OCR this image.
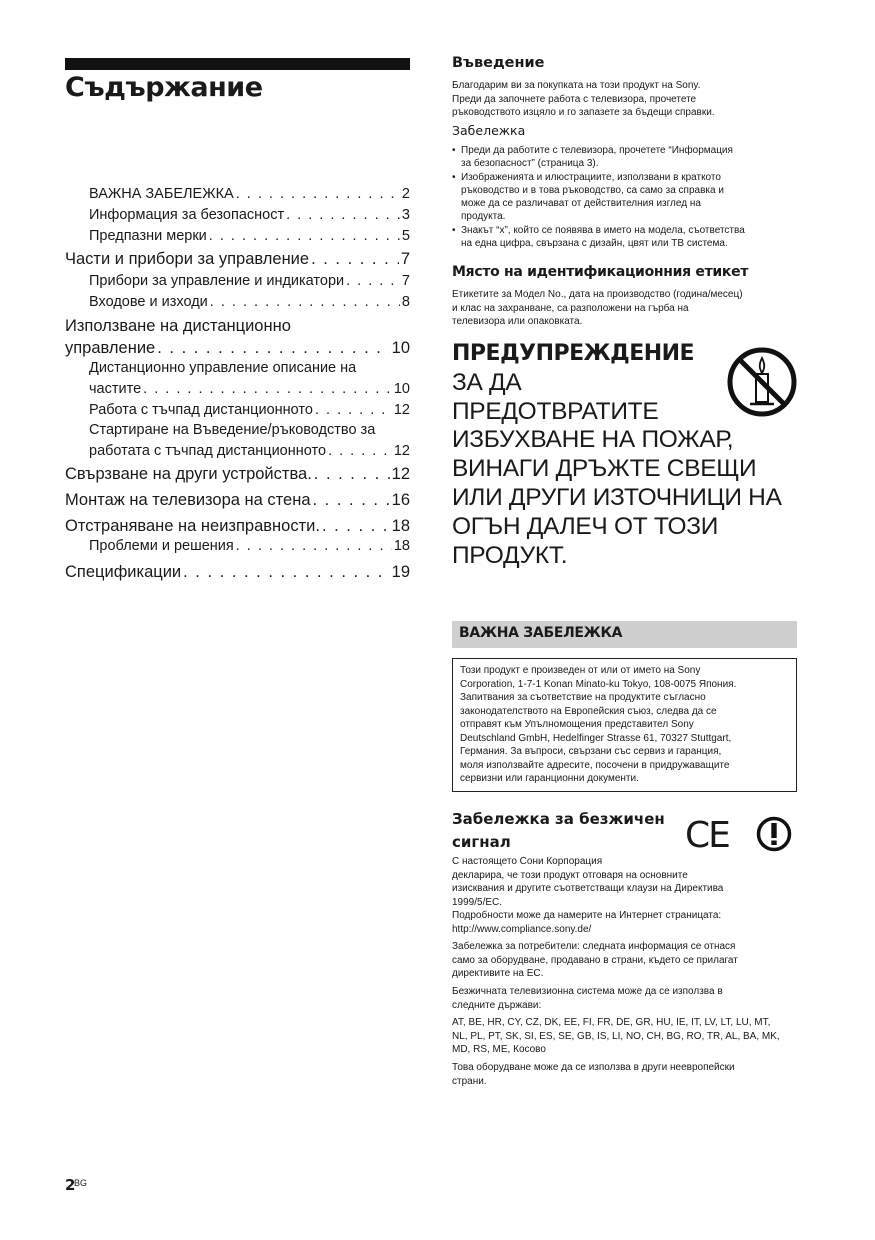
Съдържание
ВАЖНА ЗАБЕЛЕЖКА . . .	2
Информация за безопасност . . .	3
Предпазни мерки . . .	5
Части и прибори за управление . . .	7
Прибори за управление и индикатори . . .	7
Входове и изходи . . .	8
Използване на дистанционно
управление . . .	10
Дистанционно управление описание на
частите . . .	10
Работа с тъчпад дистанционното . . .	12
Стартиране на Въведение/ръководство за
работата с тъчпад дистанционното . . .	12
Свързване на други устройства. . . .	12
Монтаж на телевизора на стена . . .	16
Отстраняване на неизправности. . . .	18
Проблеми и решения . . .	18
Спецификации . . .	19
Въведение

Благодарим ви за покупката на този продукт на Sony.

Преди да започнете работа с телевизора, прочетете

ръководството изцяло и го запазете за бъдещи справки.

Забележка
• Преди да работите с телевизора, прочетете “Информация
за безопасност” (страница 3).
• Изображенията и илюстрациите, използвани в краткото
ръководство и в това ръководство, са само за справка и
може да се различават от действителния изглед на
продукта.
• Знакът “x”, който се появява в името на модела, съответства
на една цифра, свързана с дизайн, цвят или ТВ система.
Място на идентификационния етикет

Етикетите за Модел No., дата на производство (година/месец)

и клас на захранване, са разположени на гърба на

телевизора или опаковката.

ПРЕДУПРЕЖДЕНИЕ
ЗА ДА
ПРЕДОТВРАТИТЕ
ИЗБУХВАНЕ НА ПОЖАР,
ВИНАГИ ДРЪЖТЕ СВЕЩИ
ИЛИ ДРУГИ ИЗТОЧНИЦИ НА
ОГЪН ДАЛЕЧ ОТ ТОЗИ
ПРОДУКТ.
ВАЖНА ЗАБЕЛЕЖКА

Този продукт е произведен от или от името на Sony

Corporation, 1-7-1 Konan Minato-ku Tokyo, 108-0075 Япония.

Запитвания за съответствие на продуктите съгласно

законодателството на Европейския съюз, следва да се

отправят към Упълномощения представител Sony

Deutschland GmbH, Hedelfinger Strasse 61, 70327 Stuttgart,

Германия. За въпроси, свързани със сервиз и гаранция,

моля използвайте адресите, посочени в придружаващите

сервизни или гаранционни документи.

Забележка за безжичен
сигнал	CE

С настоящето Сони Корпорация

декларира, че този продукт отговаря на основните

изисквания и другите съответстващи клаузи на Директива

1999/5/EC.

Подробности може да намерите на Интернет страницата:

http://www.compliance.sony.de/

Забележка за потребители: следната информация се отнася

само за оборудване, продавано в страни, където се прилагат

директивите на ЕС.

Безжичната телевизионна система може да се използва в

следните държави:

AT, BE, HR, CY, CZ, DK, EE, FI, FR, DE, GR, HU, IE, IT, LV, LT, LU, MT,

NL, PL, PT, SK, SI, ES, SE, GB, IS, LI, NO, CH, BG, RO, TR, AL, BA, MK,

MD, RS, ME, Косово

Това оборудване може да се използва в други неевропейски

страни.

2
BG
